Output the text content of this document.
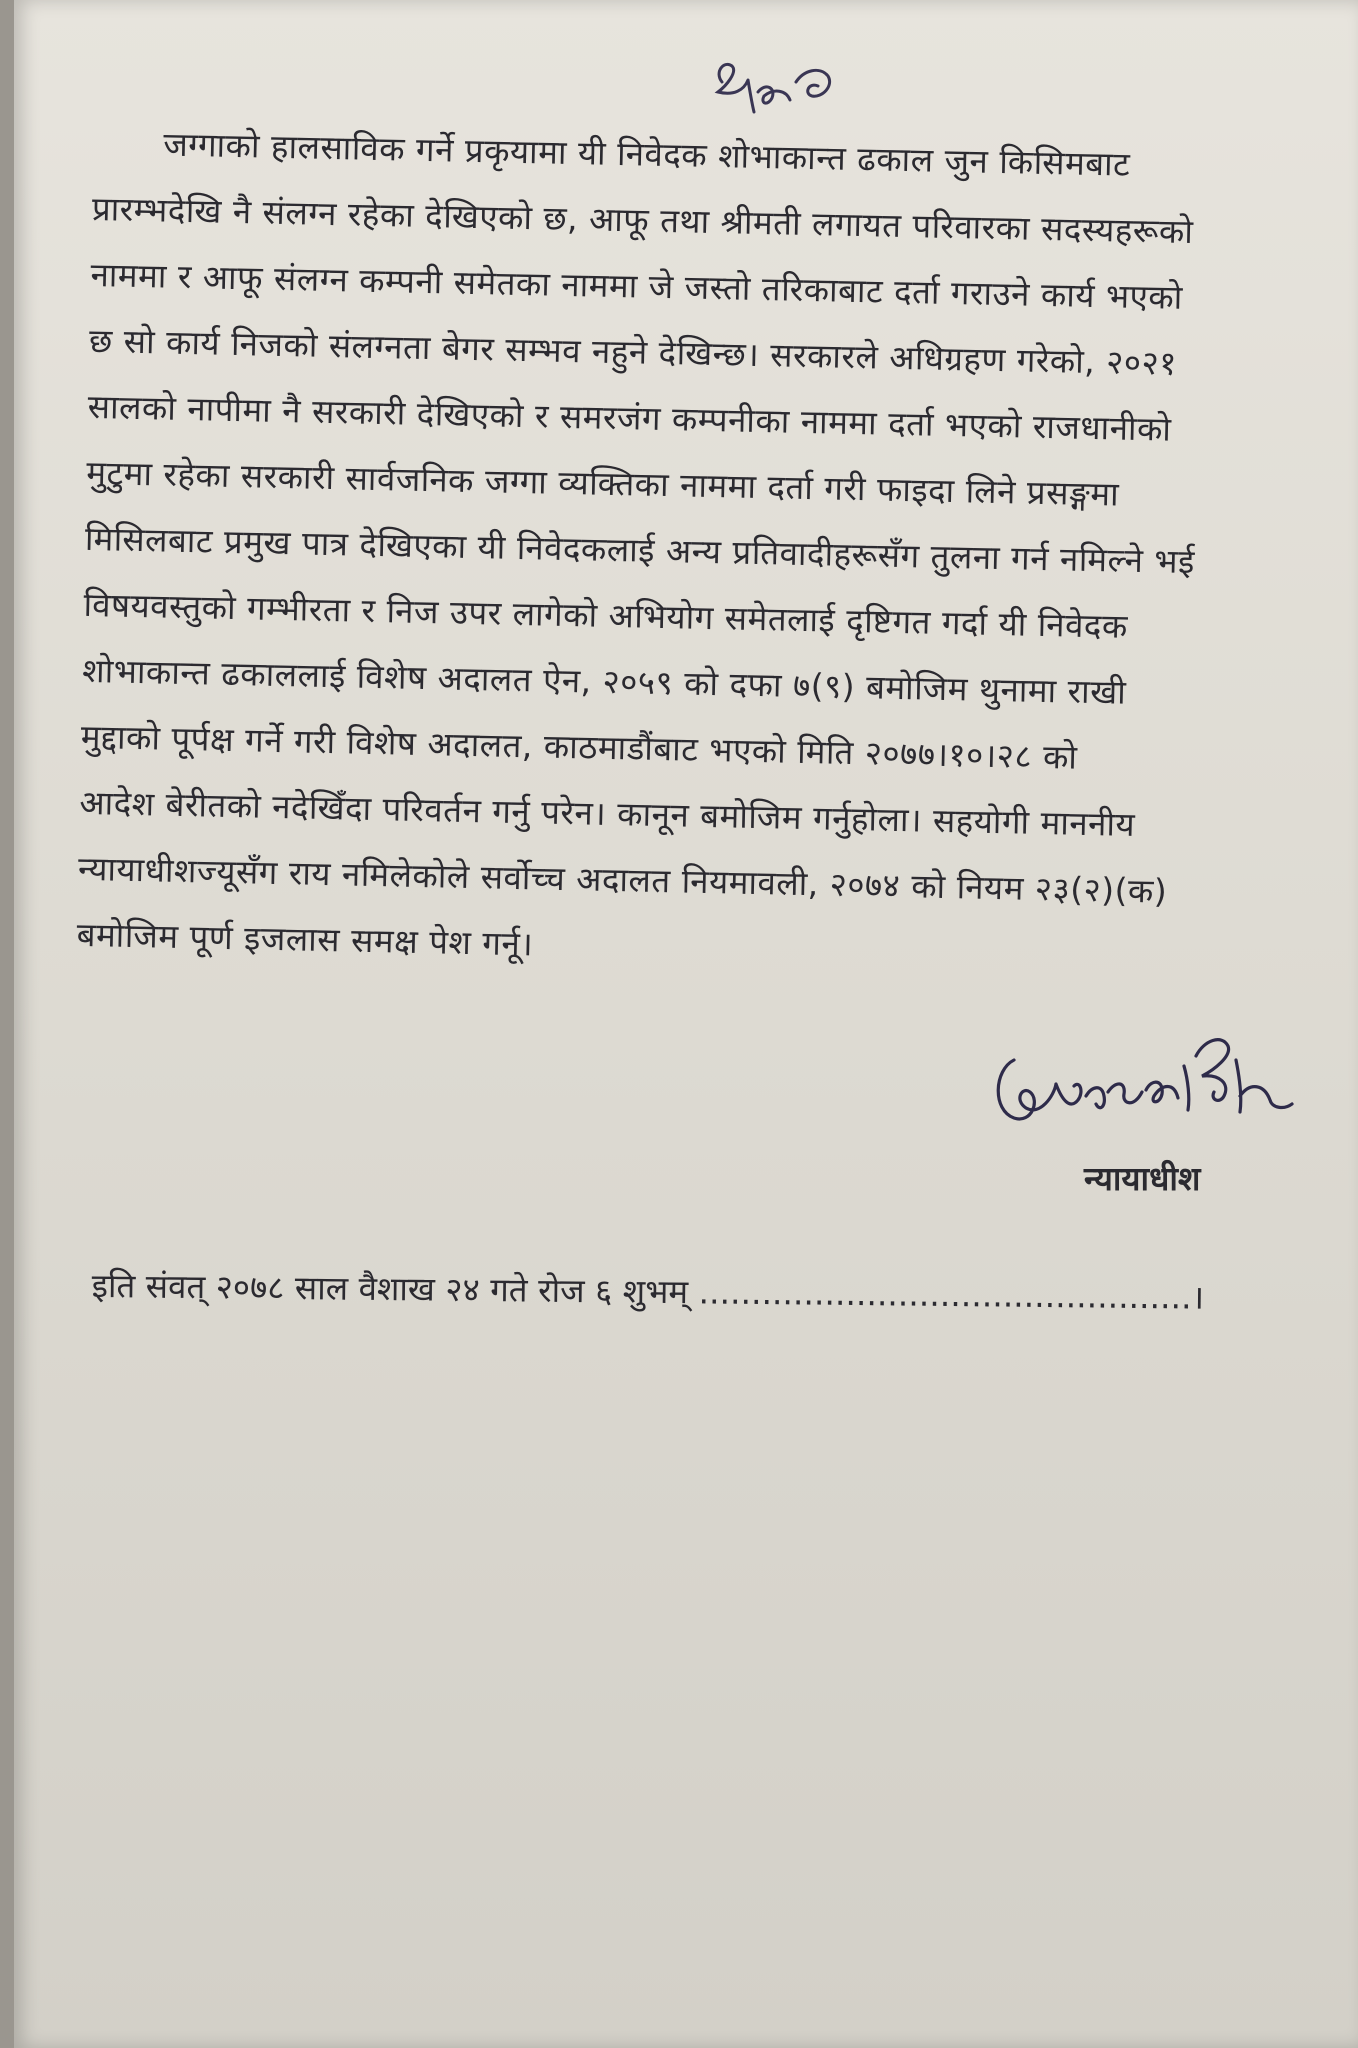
जग्गाको हालसाविक गर्ने प्रकृयामा यी निवेदक शोभाकान्त ढकाल जुन किसिमबाट
प्रारम्भदेखि नै संलग्न रहेका देखिएको छ, आफू तथा श्रीमती लगायत परिवारका सदस्यहरूको
नाममा र आफू संलग्न कम्पनी समेतका नाममा जे जस्तो तरिकाबाट दर्ता गराउने कार्य भएको
छ सो कार्य निजको संलग्नता बेगर सम्भव नहुने देखिन्छ। सरकारले अधिग्रहण गरेको, २०२१
सालको नापीमा नै सरकारी देखिएको र समरजंग कम्पनीका नाममा दर्ता भएको राजधानीको
मुटुमा रहेका सरकारी सार्वजनिक जग्गा व्यक्तिका नाममा दर्ता गरी फाइदा लिने प्रसङ्गमा
मिसिलबाट प्रमुख पात्र देखिएका यी निवेदकलाई अन्य प्रतिवादीहरूसँग तुलना गर्न नमिल्ने भई
विषयवस्तुको गम्भीरता र निज उपर लागेको अभियोग समेतलाई दृष्टिगत गर्दा यी निवेदक
शोभाकान्त ढकाललाई विशेष अदालत ऐन, २०५९ को दफा ७(९) बमोजिम थुनामा राखी
मुद्दाको पूर्पक्ष गर्ने गरी विशेष अदालत, काठमाडौंबाट भएको मिति २०७७।१०।२८ को
आदेश बेरीतको नदेखिँदा परिवर्तन गर्नु परेन। कानून बमोजिम गर्नुहोला। सहयोगी माननीय
न्यायाधीशज्यूसँग राय नमिलेकोले सर्वोच्च अदालत नियमावली, २०७४ को नियम २३(२)(क)
बमोजिम पूर्ण इजलास समक्ष पेश गर्नू।
न्यायाधीश
इति संवत् २०७८ साल वैशाख २४ गते रोज ६ शुभम् ...............................................।
